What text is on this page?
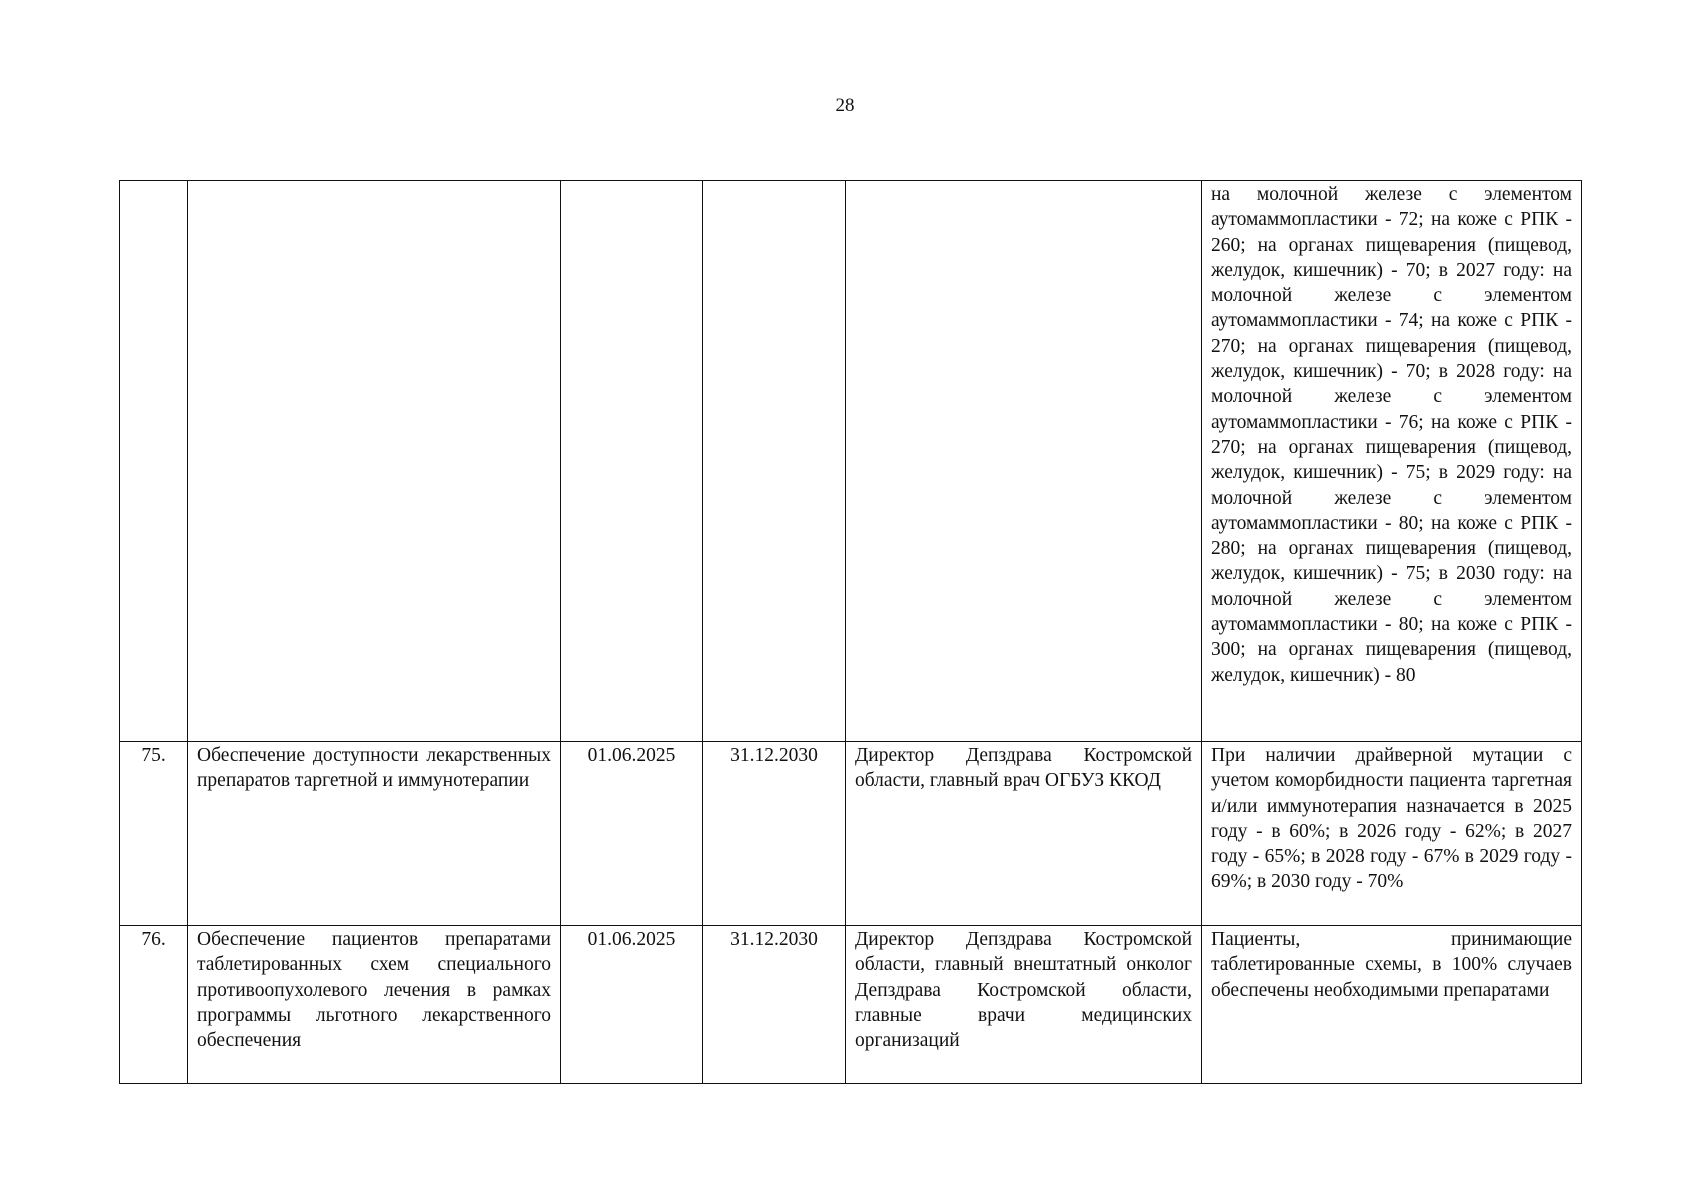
28
					на молочной железе с элементом аутомаммопластики - 72; на коже с РПК - 260; на органах пищеварения (пищевод, желудок, кишечник) - 70; в 2027 году: на молочной железе с элементом аутомаммопластики - 74; на коже с РПК - 270; на органах пищеварения (пищевод, желудок, кишечник) - 70; в 2028 году: на молочной железе с элементом аутомаммопластики - 76; на коже с РПК - 270; на органах пищеварения (пищевод, желудок, кишечник) - 75; в 2029 году: на молочной железе с элементом аутомаммопластики - 80; на коже с РПК - 280; на органах пищеварения (пищевод, желудок, кишечник) - 75; в 2030 году: на молочной железе с элементом аутомаммопластики - 80; на коже с РПК - 300; на органах пищеварения (пищевод, желудок, кишечник) - 80
75.	Обеспечение доступности лекарственных препаратов таргетной и иммунотерапии	01.06.2025	31.12.2030	Директор Депздрава Костромской области, главный врач ОГБУЗ ККОД	При наличии драйверной мутации с учетом коморбидности пациента таргетная и/или иммунотерапия назначается в 2025 году - в 60%; в 2026 году - 62%; в 2027 году - 65%; в 2028 году - 67% в 2029 году - 69%; в 2030 году - 70%
76.	Обеспечение пациентов препаратами таблетированных схем специального противоопухолевого лечения в рамках программы льготного лекарственного обеспечения	01.06.2025	31.12.2030	Директор Депздрава Костромской области, главный внештатный онколог Депздрава Костромской области, главные врачи медицинских организаций	Пациенты, принимающие таблетированные схемы, в 100% случаев обеспечены необходимыми препаратами
